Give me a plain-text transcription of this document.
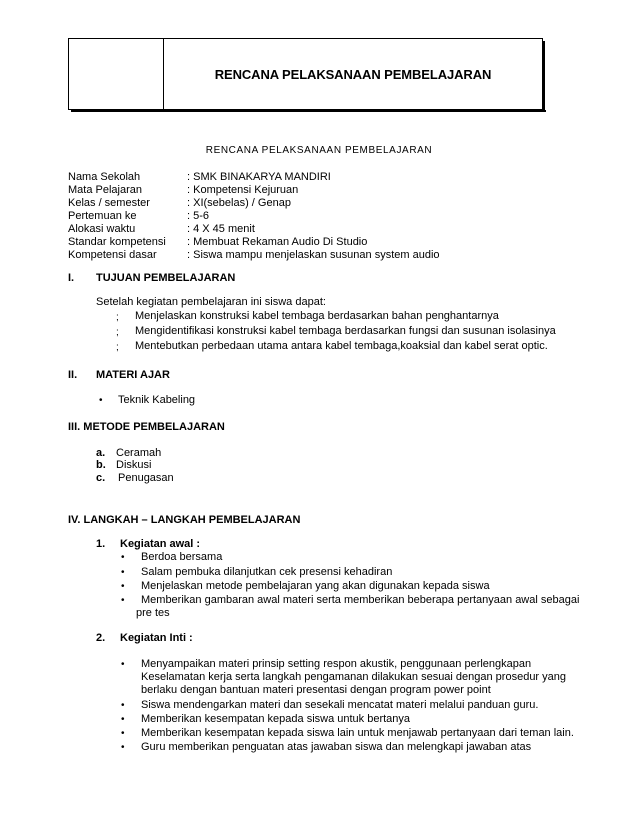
RENCANA PELAKSANAAN PEMBELAJARAN
RENCANA PELAKSANAAN PEMBELAJARAN
Nama Sekolah	: SMK BINAKARYA MANDIRI
Mata Pelajaran	: Kompetensi Kejuruan
Kelas / semester	: XI(sebelas) / Genap
Pertemuan ke	: 5-6
Alokasi waktu	: 4 X 45 menit
Standar kompetensi : Membuat Rekaman Audio Di Studio
Kompetensi dasar	: Siswa mampu menjelaskan susunan system audio
I. TUJUAN PEMBELAJARAN
Setelah kegiatan pembelajaran ini siswa dapat:
; Menjelaskan konstruksi kabel tembaga berdasarkan bahan penghantarnya
; Mengidentifikasi konstruksi kabel tembaga berdasarkan fungsi dan susunan isolasinya
; Mentebutkan perbedaan utama antara kabel tembaga,koaksial dan kabel serat optic.
II. MATERI AJAR
• Teknik Kabeling
III. METODE PEMBELAJARAN
a. Ceramah
b. Diskusi
c. Penugasan
IV. LANGKAH – LANGKAH PEMBELAJARAN
1. Kegiatan awal :
• Berdoa bersama
• Salam pembuka dilanjutkan cek presensi kehadiran
• Menjelaskan metode pembelajaran yang akan digunakan kepada siswa
• Memberikan gambaran awal materi serta memberikan beberapa pertanyaan awal sebagai
pre tes
2. Kegiatan Inti :
• Menyampaikan materi prinsip setting respon akustik, penggunaan perlengkapan
Keselamatan kerja serta langkah pengamanan dilakukan sesuai dengan prosedur yang
berlaku dengan bantuan materi presentasi dengan program power point
• Siswa mendengarkan materi dan sesekali mencatat materi melalui panduan guru.
• Memberikan kesempatan kepada siswa untuk bertanya
• Memberikan kesempatan kepada siswa lain untuk menjawab pertanyaan dari teman lain.
• Guru memberikan penguatan atas jawaban siswa dan melengkapi jawaban atas
